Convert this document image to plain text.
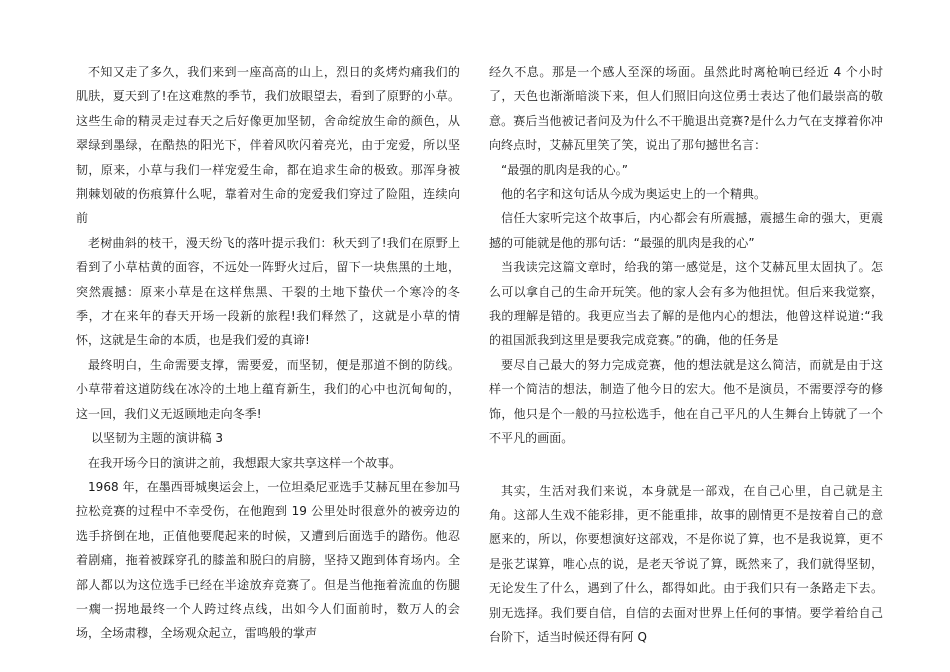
不知又走了多久，我们来到一座高高的山上，烈日的炙烤灼痛我们的肌肤，夏天到了!在这难熬的季节，我们放眼望去，看到了原野的小草。这些生命的精灵走过春天之后好像更加坚韧，舍命绽放生命的颜色，从翠绿到墨绿，在酷热的阳光下，伴着风吹闪着亮光，由于宠爱，所以坚韧，原来，小草与我们一样宠爱生命，都在追求生命的极致。那浑身被荆棘划破的伤痕算什么呢，靠着对生命的宠爱我们穿过了险阻，连续向前

老树曲斜的枝干，漫天纷飞的落叶提示我们：秋天到了!我们在原野上看到了小草枯黄的面容，不远处一阵野火过后，留下一块焦黑的土地，突然震撼：原来小草是在这样焦黑、干裂的土地下蛰伏一个寒冷的冬季，才在来年的春天开场一段新的旅程!我们释然了，这就是小草的情怀，这就是生命的本质，也是我们爱的真谛!

最终明白，生命需要支撑，需要爱，而坚韧，便是那道不倒的防线。小草带着这道防线在冰冷的土地上蕴育新生，我们的心中也沉甸甸的，这一回，我们义无返顾地走向冬季!

以坚韧为主题的演讲稿 3

在我开场今日的演讲之前，我想跟大家共享这样一个故事。

1968 年，在墨西哥城奥运会上，一位坦桑尼亚选手艾赫瓦里在参加马拉松竞赛的过程中不幸受伤，在他跑到 19 公里处时很意外的被旁边的选手挤倒在地，正值他要爬起来的时候，又遭到后面选手的踏伤。他忍着剧痛，拖着被踩穿孔的膝盖和脱臼的肩膀，坚持又跑到体育场内。全部人都以为这位选手已经在半途放弃竞赛了。但是当他拖着流血的伤腿一瘸一拐地最终一个人跨过终点线，出如今人们面前时，数万人的会场，全场肃穆，全场观众起立，雷鸣般的掌声

经久不息。那是一个感人至深的场面。虽然此时离枪响已经近 4 个小时了，天色也渐渐暗淡下来，但人们照旧向这位勇士表达了他们最崇高的敬意。赛后当他被记者问及为什么不干脆退出竞赛?是什么力气在支撑着你冲向终点时，艾赫瓦里笑了笑，说出了那句撼世名言：

“最强的肌肉是我的心。”

他的名字和这句话从今成为奥运史上的一个精典。

信任大家听完这个故事后，内心都会有所震撼，震撼生命的强大，更震撼的可能就是他的那句话：“最强的肌肉是我的心”

当我读完这篇文章时，给我的第一感觉是，这个艾赫瓦里太固执了。怎么可以拿自己的生命开玩笑。他的家人会有多为他担忧。但后来我觉察，我的理解是错的。我更应当去了解的是他内心的想法，他曾这样说道:“我的祖国派我到这里是要我完成竞赛。”的确，他的任务是

要尽自己最大的努力完成竞赛，他的想法就是这么简洁，而就是由于这样一个简洁的想法，制造了他今日的宏大。他不是演员，不需要浮夸的修饰，他只是个一般的马拉松选手，他在自己平凡的人生舞台上铸就了一个不平凡的画面。

其实，生活对我们来说，本身就是一部戏，在自己心里，自己就是主角。这部人生戏不能彩排，更不能重排，故事的剧情更不是按着自己的意愿来的，所以，你要想演好这部戏，不是你说了算，也不是我说算，更不是张艺谋算，唯心点的说，是老天爷说了算，既然来了，我们就得坚韧，无论发生了什么，遇到了什么，都得如此。由于我们只有一条路走下去。别无选择。我们要自信，自信的去面对世界上任何的事情。要学着给自己台阶下，适当时候还得有阿 Q
